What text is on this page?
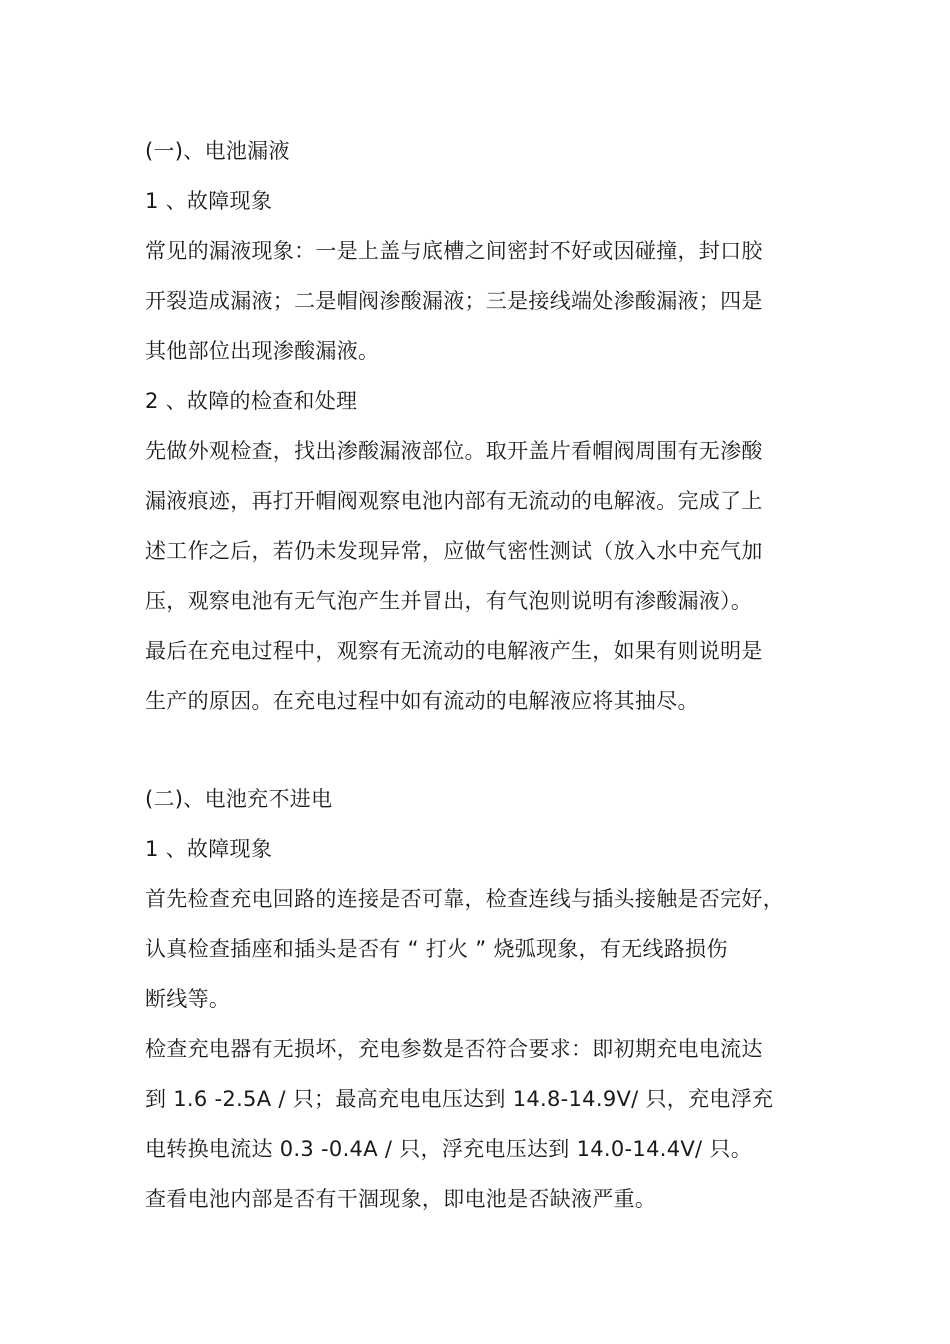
(一)、电池漏液
1 、故障现象
常见的漏液现象：一是上盖与底槽之间密封不好或因碰撞，封口胶
开裂造成漏液；二是帽阀渗酸漏液；三是接线端处渗酸漏液；四是
其他部位出现渗酸漏液。
2 、故障的检查和处理
先做外观检查，找出渗酸漏液部位。取开盖片看帽阀周围有无渗酸
漏液痕迹，再打开帽阀观察电池内部有无流动的电解液。完成了上
述工作之后，若仍未发现异常，应做气密性测试（放入水中充气加
压，观察电池有无气泡产生并冒出，有气泡则说明有渗酸漏液）。
最后在充电过程中，观察有无流动的电解液产生，如果有则说明是
生产的原因。在充电过程中如有流动的电解液应将其抽尽。
(二)、电池充不进电
1 、故障现象
首先检查充电回路的连接是否可靠，检查连线与插头接触是否完好，
认真检查插座和插头是否有 “ 打火 ” 烧弧现象，有无线路损伤
断线等。
检查充电器有无损坏，充电参数是否符合要求：即初期充电电流达
到 1.6 -2.5A / 只；最高充电电压达到 14.8-14.9V/ 只，充电浮充
电转换电流达 0.3 -0.4A / 只，浮充电压达到 14.0-14.4V/ 只。
查看电池内部是否有干涸现象，即电池是否缺液严重。
